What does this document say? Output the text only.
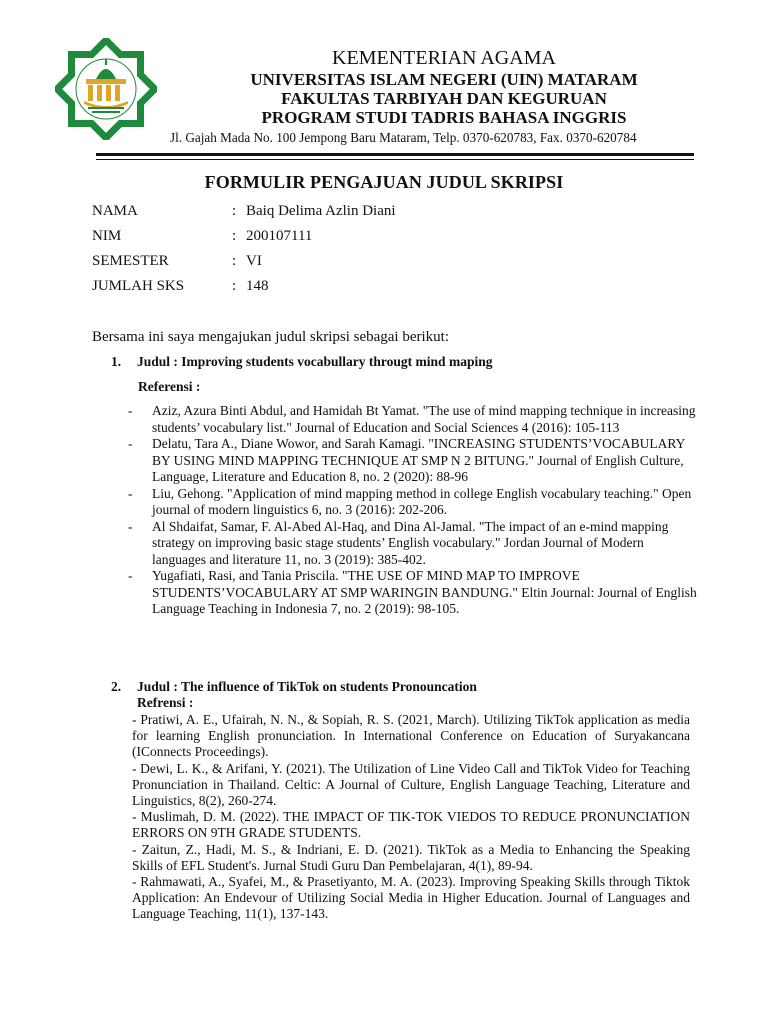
KEMENTERIAN AGAMA
UNIVERSITAS ISLAM NEGERI (UIN) MATARAM
FAKULTAS TARBIYAH DAN KEGURUAN
PROGRAM STUDI TADRIS BAHASA INGGRIS
Jl. Gajah Mada No. 100 Jempong Baru Mataram, Telp. 0370-620783, Fax. 0370-620784
FORMULIR PENGAJUAN JUDUL SKRIPSI
NAMA	: Baiq Delima Azlin Diani
NIM	: 200107111
SEMESTER	: VI
JUMLAH SKS	: 148
Bersama ini saya mengajukan judul skripsi sebagai berikut:
1. Judul : Improving students vocabullary througt mind maping
Referensi :
- Aziz, Azura Binti Abdul, and Hamidah Bt Yamat. "The use of mind mapping technique in increasing students’ vocabulary list." Journal of Education and Social Sciences 4 (2016): 105-113
- Delatu, Tara A., Diane Wowor, and Sarah Kamagi. "INCREASING STUDENTS’VOCABULARY BY USING MIND MAPPING TECHNIQUE AT SMP N 2 BITUNG." Journal of English Culture, Language, Literature and Education 8, no. 2 (2020): 88-96
- Liu, Gehong. "Application of mind mapping method in college English vocabulary teaching." Open journal of modern linguistics 6, no. 3 (2016): 202-206.
- Al Shdaifat, Samar, F. Al-Abed Al-Haq, and Dina Al-Jamal. "The impact of an e-mind mapping strategy on improving basic stage students’ English vocabulary." Jordan Journal of Modern languages and literature 11, no. 3 (2019): 385-402.
- Yugafiati, Rasi, and Tania Priscila. "THE USE OF MIND MAP TO IMPROVE STUDENTS’VOCABULARY AT SMP WARINGIN BANDUNG." Eltin Journal: Journal of English Language Teaching in Indonesia 7, no. 2 (2019): 98-105.
2. Judul : The influence of TikTok on students Pronouncation
Refrensi :
- Pratiwi, A. E., Ufairah, N. N., & Sopiah, R. S. (2021, March). Utilizing TikTok application as media for learning English pronunciation. In International Conference on Education of Suryakancana (IConnects Proceedings).
- Dewi, L. K., & Arifani, Y. (2021). The Utilization of Line Video Call and TikTok Video for Teaching Pronunciation in Thailand. Celtic: A Journal of Culture, English Language Teaching, Literature and Linguistics, 8(2), 260-274.
- Muslimah, D. M. (2022). THE IMPACT OF TIK-TOK VIEDOS TO REDUCE PRONUNCIATION ERRORS ON 9TH GRADE STUDENTS.
- Zaitun, Z., Hadi, M. S., & Indriani, E. D. (2021). TikTok as a Media to Enhancing the Speaking Skills of EFL Student's. Jurnal Studi Guru Dan Pembelajaran, 4(1), 89-94.
- Rahmawati, A., Syafei, M., & Prasetiyanto, M. A. (2023). Improving Speaking Skills through Tiktok Application: An Endevour of Utilizing Social Media in Higher Education. Journal of Languages and Language Teaching, 11(1), 137-143.
